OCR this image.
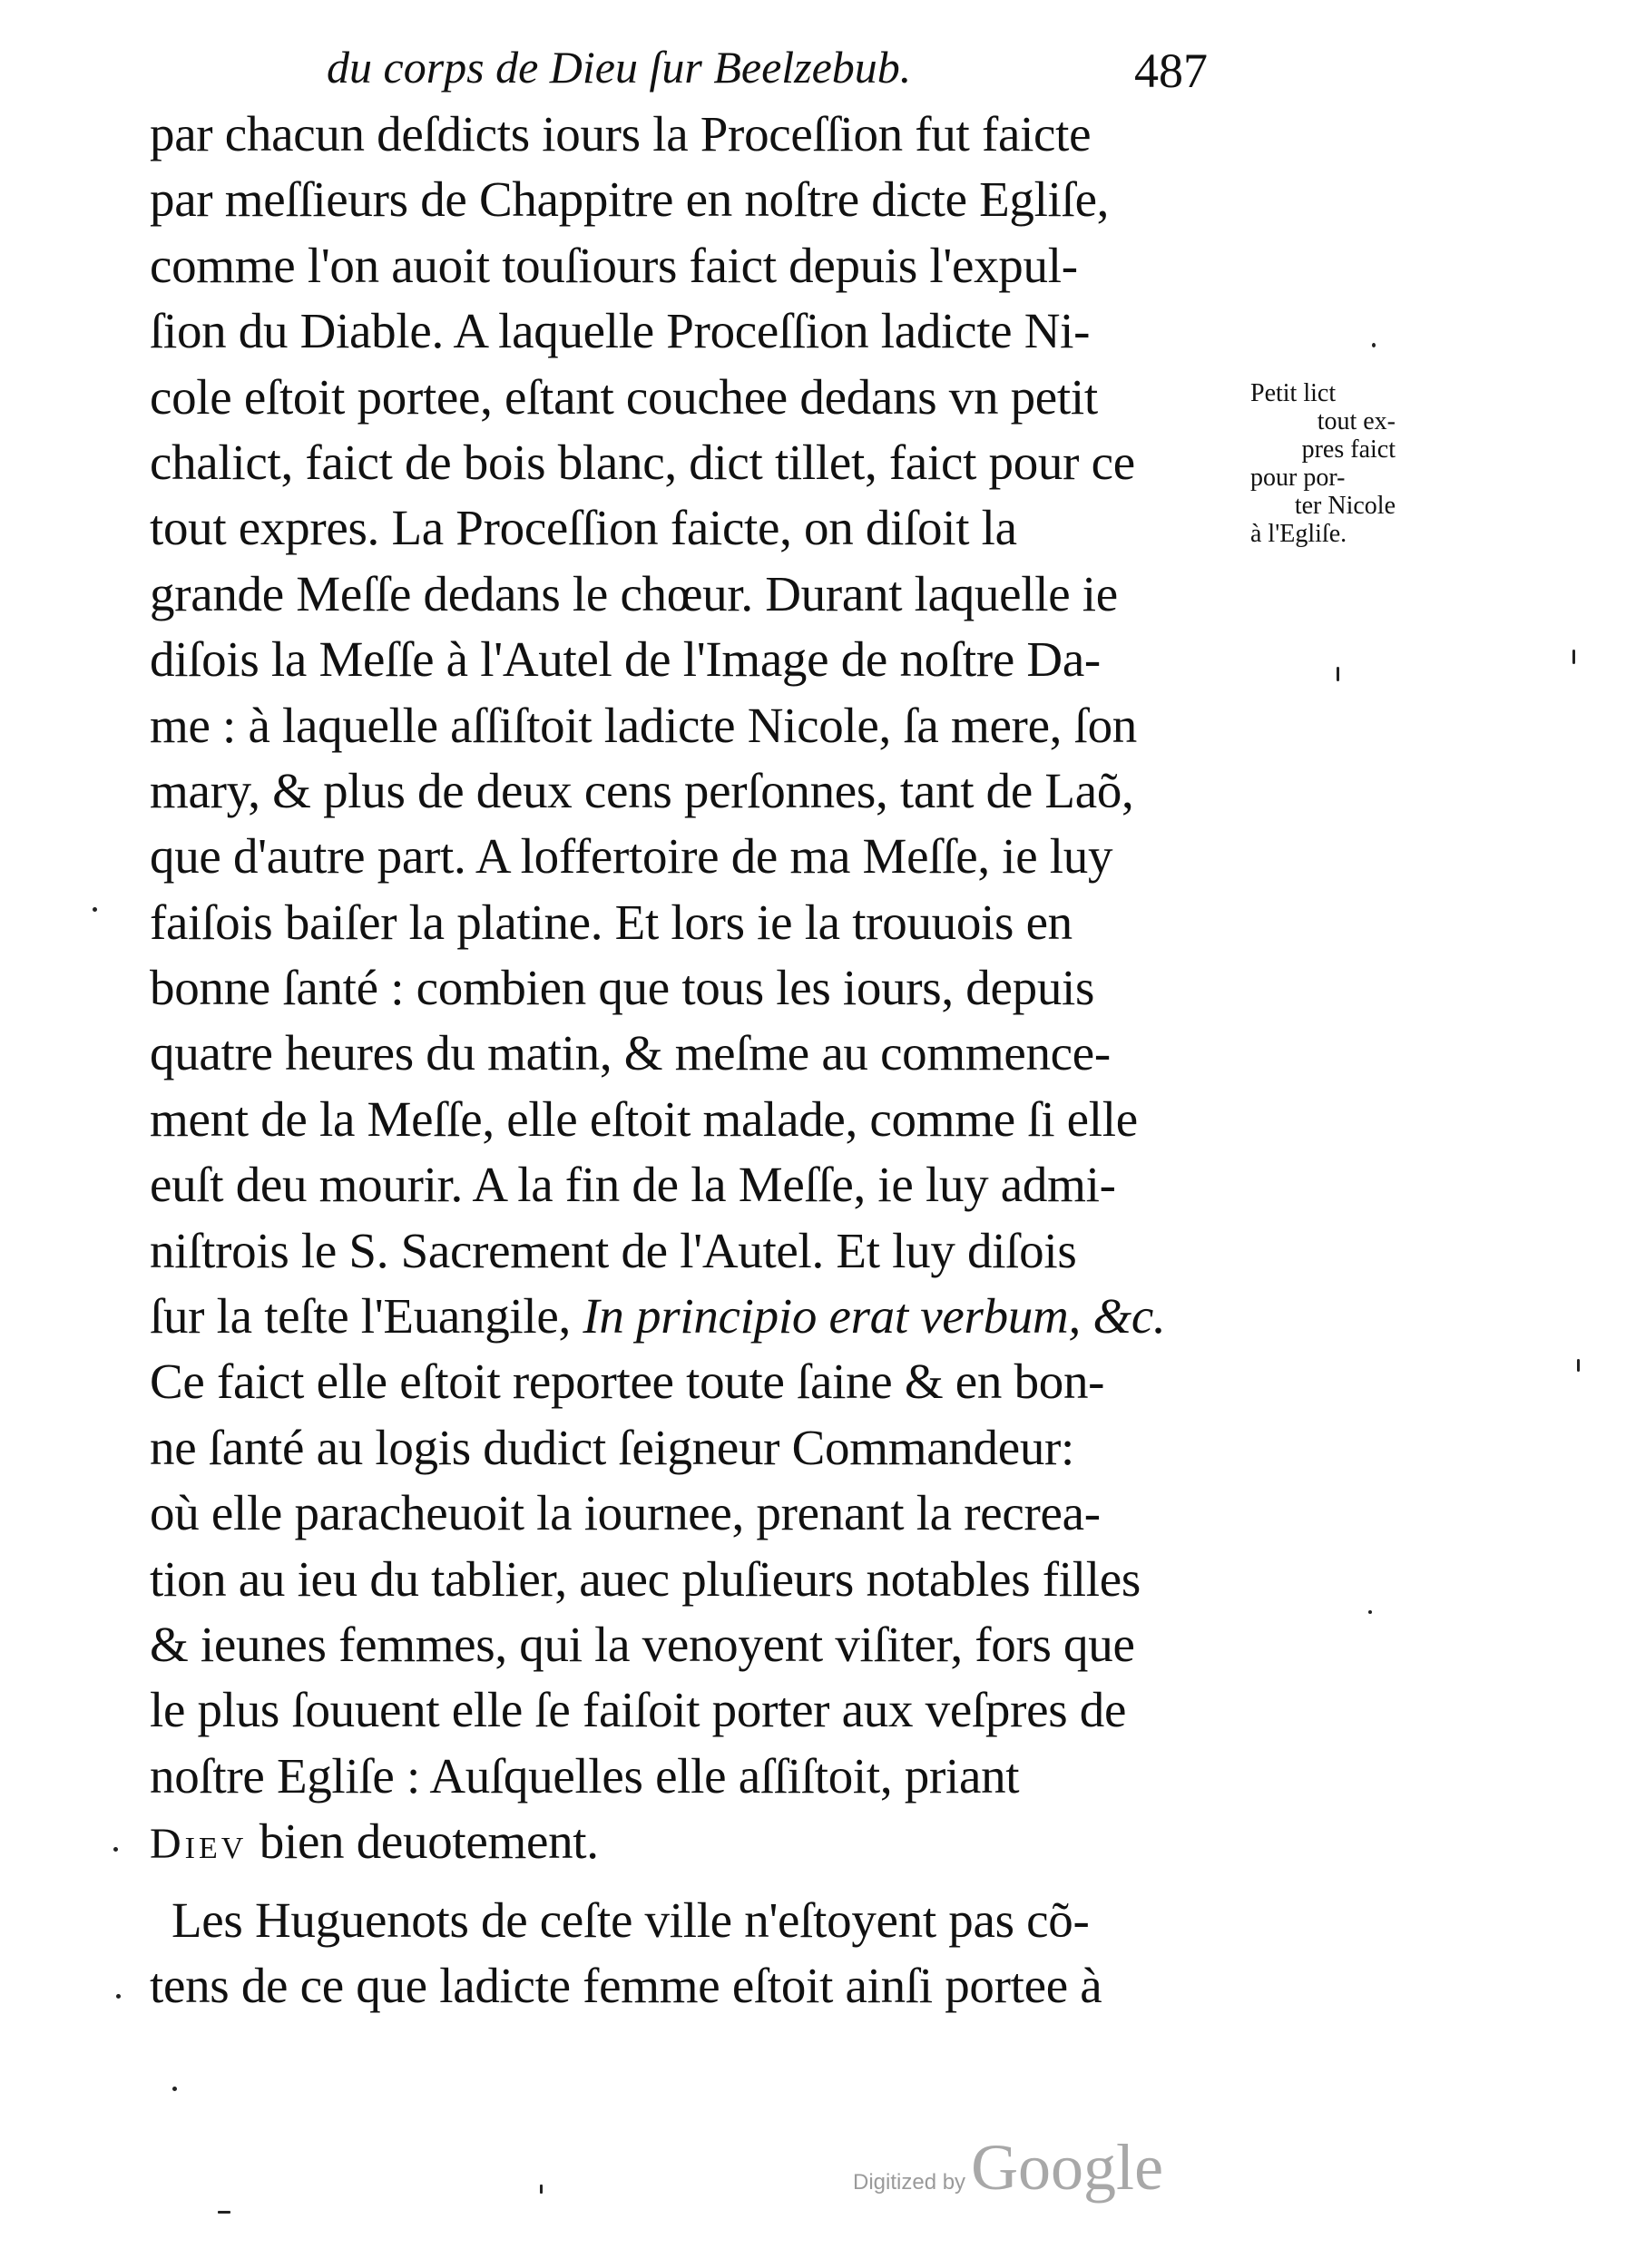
du corps de Dieu ſur Beelzebub.	487
par chacun deſdicts iours la Proceſſion fut faicte
par meſſieurs de Chappitre en noſtre dicte Egliſe,
comme l'on auoit touſiours faict depuis l'expul-
ſion du Diable. A laquelle Proceſſion ladicte Ni-
cole eſtoit portee, eſtant couchee dedans vn petit
chalict, faict de bois blanc, dict tillet, faict pour ce
tout expres. La Proceſſion faicte, on diſoit la
grande Meſſe dedans le chœur. Durant laquelle ie
diſois la Meſſe à l'Autel de l'Image de noſtre Da-
me : à laquelle aſſiſtoit ladicte Nicole, ſa mere, ſon
mary, & plus de deux cens perſonnes, tant de Laõ,
que d'autre part. A loffertoire de ma Meſſe, ie luy
faiſois baiſer la platine. Et lors ie la trouuois en
bonne ſanté : combien que tous les iours, depuis
quatre heures du matin, & meſme au commence-
ment de la Meſſe, elle eſtoit malade, comme ſi elle
euſt deu mourir. A la fin de la Meſſe, ie luy admi-
niſtrois le S. Sacrement de l'Autel. Et luy diſois
ſur la teſte l'Euangile, In principio erat verbum, &c.
Ce faict elle eſtoit reportee toute ſaine & en bon-
ne ſanté au logis dudict ſeigneur Commandeur:
où elle paracheuoit la iournee, prenant la recrea-
tion au ieu du tablier, auec pluſieurs notables filles
& ieunes femmes, qui la venoyent viſiter, fors que
le plus ſouuent elle ſe faiſoit porter aux veſpres de
noſtre Egliſe : Auſquelles elle aſſiſtoit, priant
Diev bien deuotement.
Les Huguenots de ceſte ville n'eſtoyent pas cõ-
tens de ce que ladicte femme eſtoit ainſi portee à
Petit lict
tout ex-
pres faict
pour por-
ter Nicole
à l'Egliſe.
Digitized byGoogle
